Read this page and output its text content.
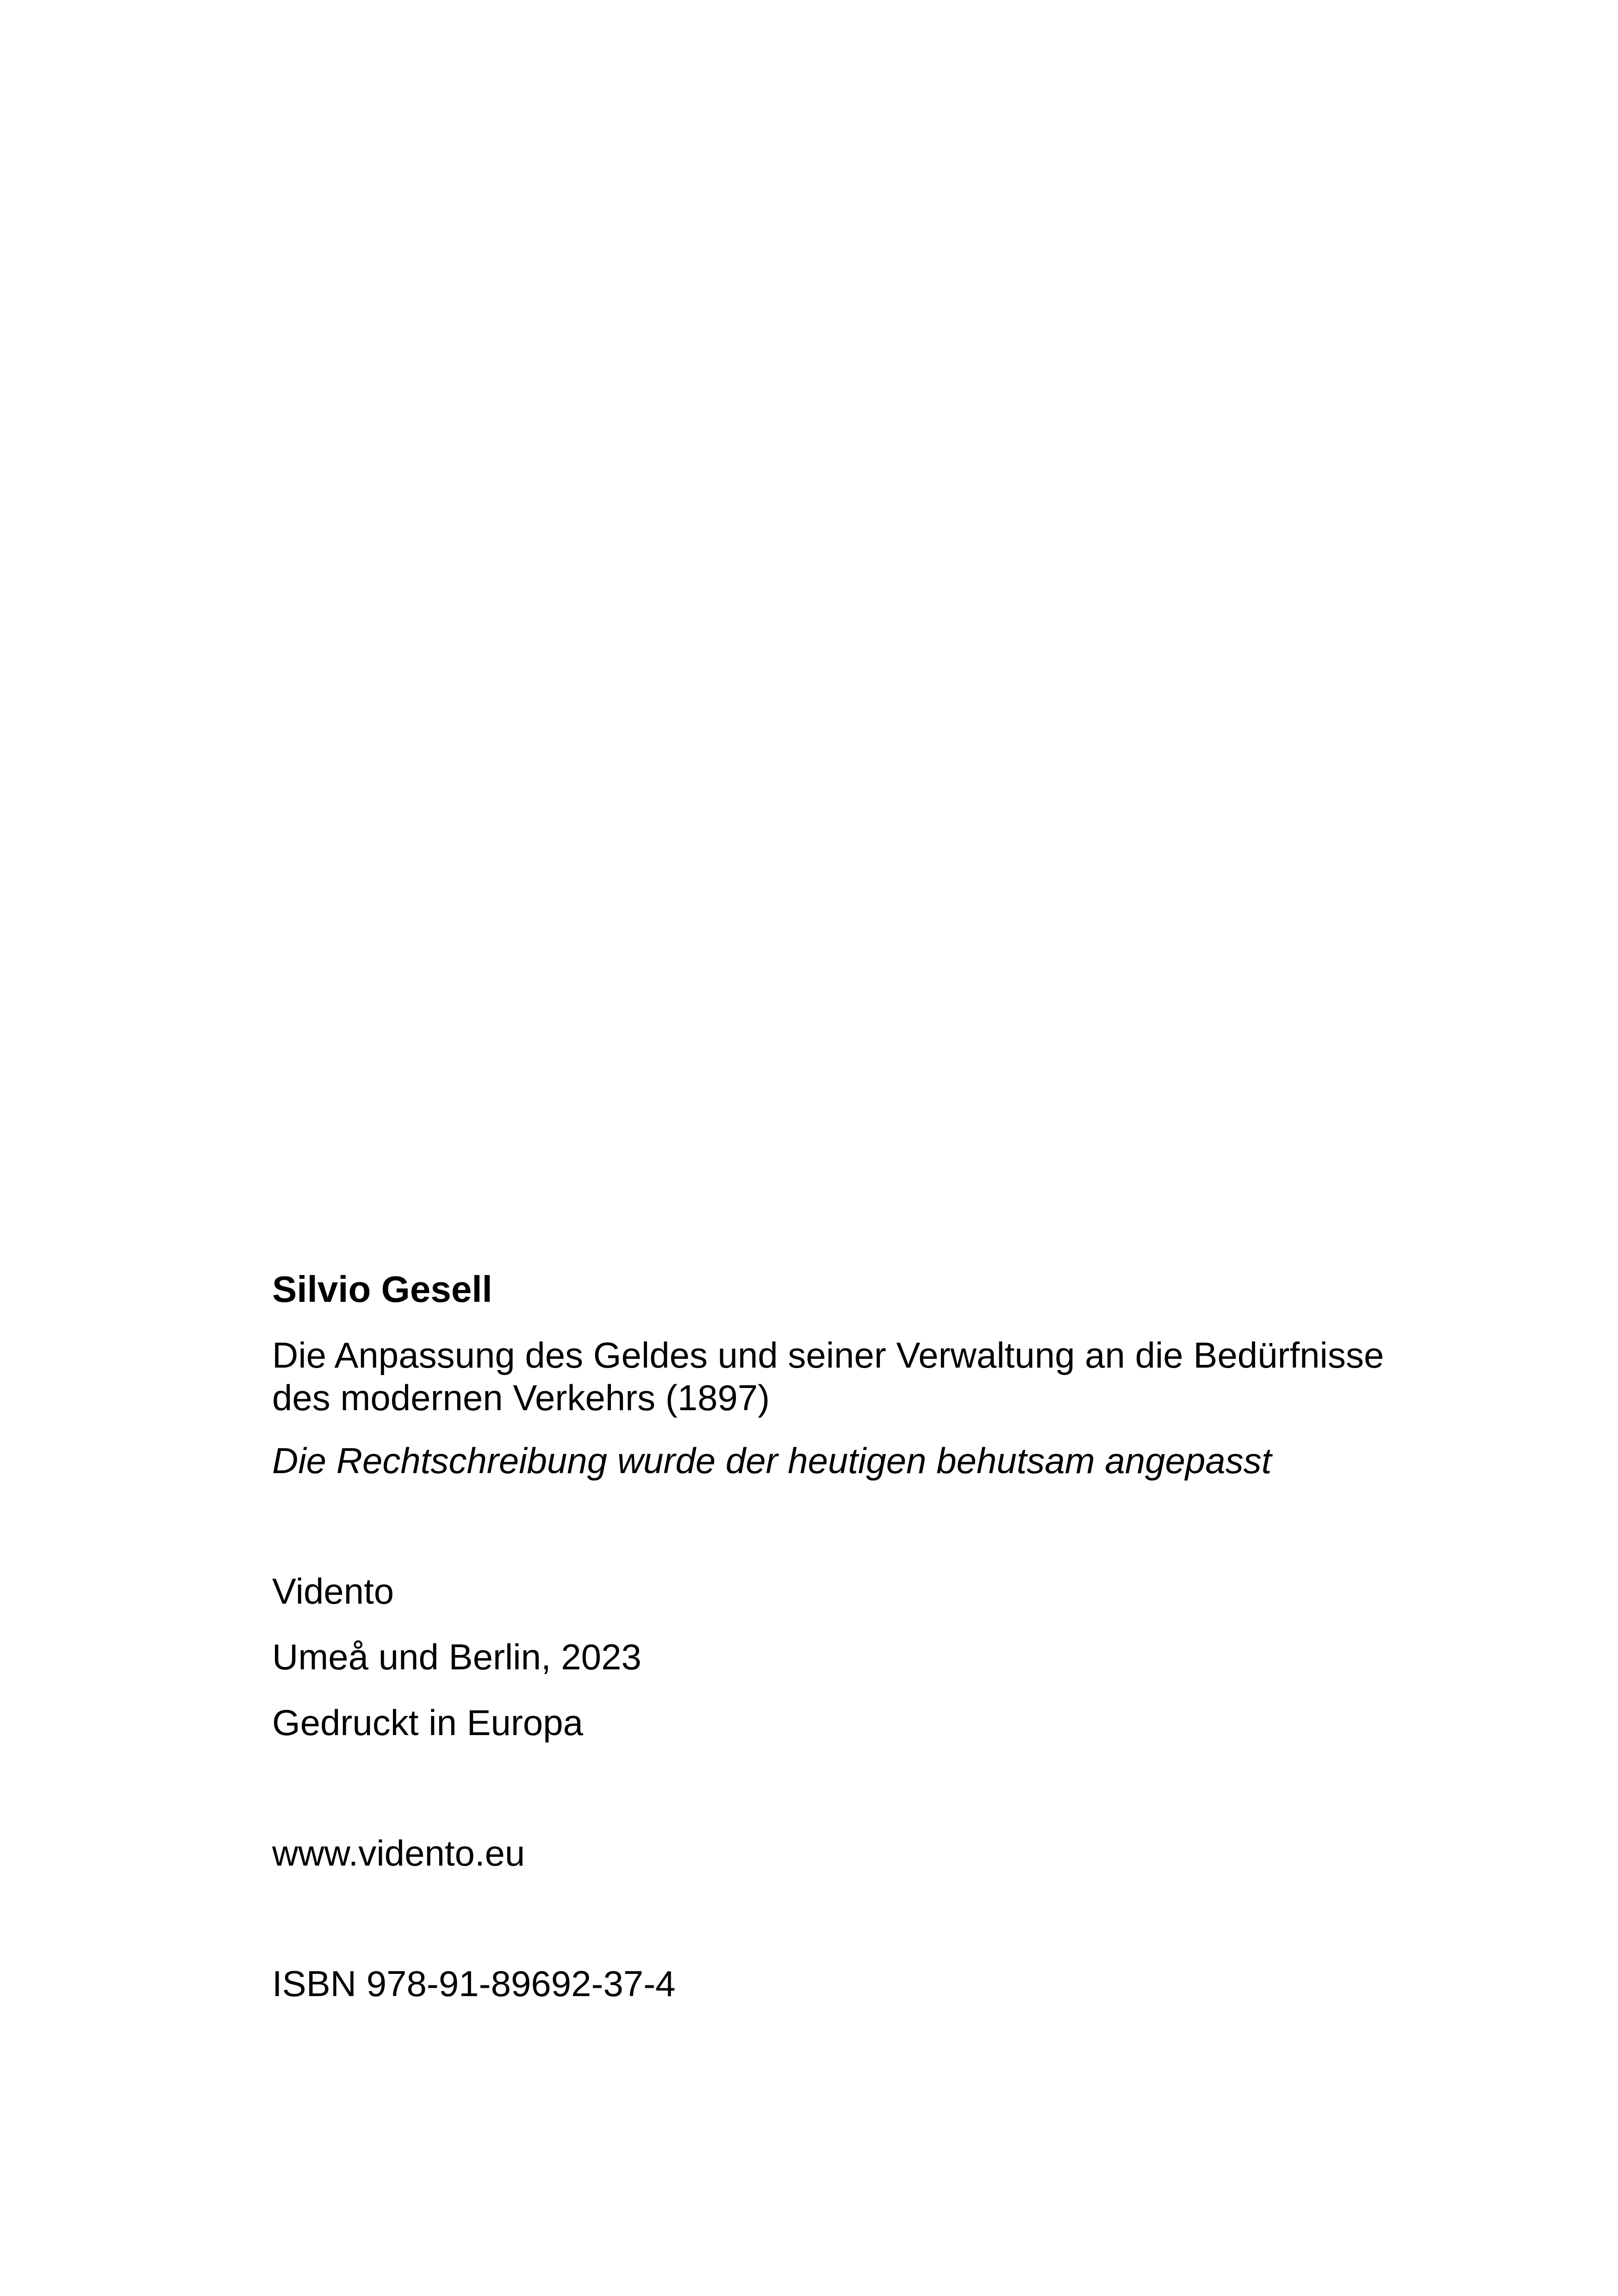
Silvio Gesell

Die Anpassung des Geldes und seiner Verwaltung an die Bedürfnisse

des modernen Verkehrs (1897)

Die Rechtschreibung wurde der heutigen behutsam angepasst

Vidento

Umeå und Berlin, 2023

Gedruckt in Europa

www.vidento.eu

ISBN 978-91-89692-37-4
